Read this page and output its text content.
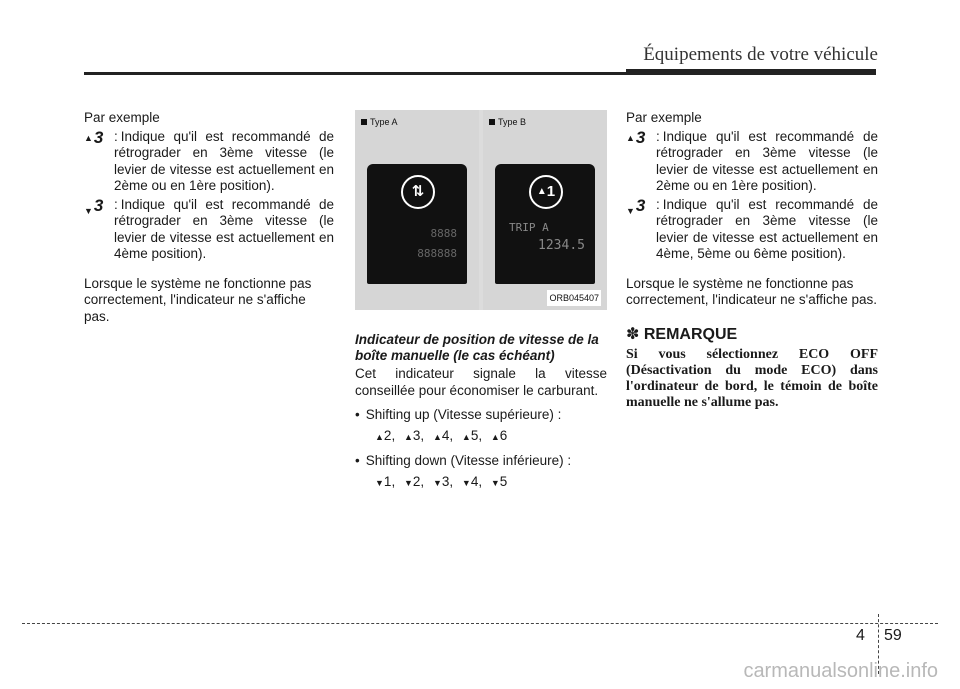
Équipements de votre véhicule

Par exemple

▲ 3 : Indique qu'il est recommandé de rétrograder en 3ème vitesse (le levier de vitesse est actuellement en 2ème ou en 1ère position).
▼ 3 : Indique qu'il est recommandé de rétrograder en 3ème vitesse (le levier de vitesse est actuellement en 4ème position).

Lorsque le système ne fonctionne pas correctement, l'indicateur ne s'affiche pas.

Type A
⇅
8888
888888
Type B
▲ 1
TRIP A
1234.5
ORB045407

Indicateur de position de vitesse de la boîte manuelle (le cas échéant)

Cet indicateur signale la vitesse conseillée pour économiser le carburant.

• Shifting up (Vitesse supérieure) :
▲2, ▲3, ▲4, ▲5, ▲6
• Shifting down (Vitesse inférieure) :
▼1, ▼2, ▼3, ▼4, ▼5

Par exemple

▲ 3 : Indique qu'il est recommandé de rétrograder en 3ème vitesse (le levier de vitesse est actuellement en 2ème ou en 1ère position).
▼ 3 : Indique qu'il est recommandé de rétrograder en 3ème vitesse (le levier de vitesse est actuellement en 4ème, 5ème ou 6ème position).

Lorsque le système ne fonctionne pas correctement, l'indicateur ne s'affiche pas.

✽ REMARQUE

Si vous sélectionnez ECO OFF (Désactivation du mode ECO) dans l'ordinateur de bord, le témoin de boîte manuelle ne s'allume pas.

4 59
carmanualsonline.info
